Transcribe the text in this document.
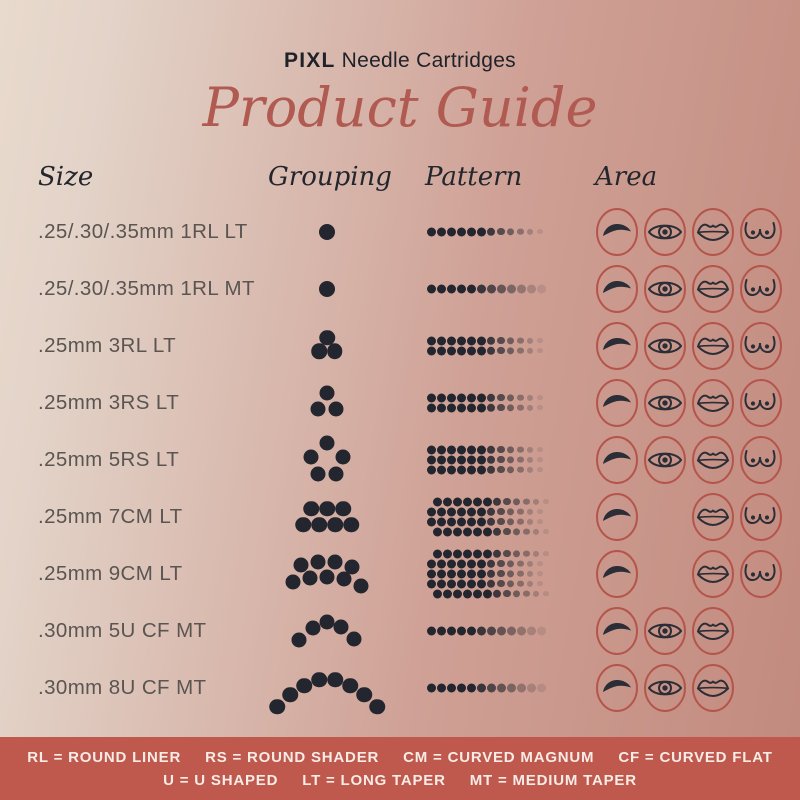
PIXL Needle Cartridges
Product Guide
Size	Grouping Pattern	Area
.25/.30/.35mm 1RL LT
.25/.30/.35mm 1RL MT
.25mm 3RL LT
.25mm 3RS LT
.25mm 5RS LT
.25mm 7CM LT
.25mm 9CM LT
.30mm 5U CF MT
.30mm 8U CF MT
RL = ROUND LINER RS = ROUND SHADER CM = CURVED MAGNUM CF = CURVED FLAT
U = U SHAPED LT = LONG TAPER MT = MEDIUM TAPER
